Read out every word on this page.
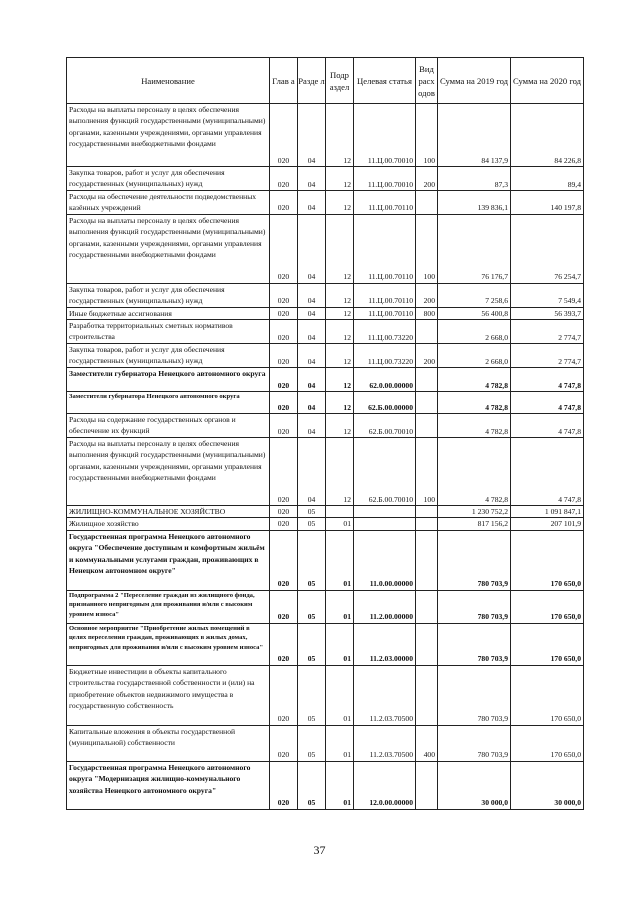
Наименование	Глав а	Разде л	Подр аздел	Целевая статья	Вид расх одов	Сумма на 2019 год	Сумма на 2020 год
Расходы на выплаты персоналу в целях обеспечения выполнения функций государственными (муниципальными) органами, казенными учреждениями, органами управления государственными внебюджетными фондами	020	04	12	11.Ц.00.70010	100	84 137,9	84 226,8
Закупка товаров, работ и услуг для обеспечения государственных (муниципальных) нужд	020	04	12	11.Ц.00.70010	200	87,3	89,4
Расходы на обеспечение деятельности подведомственных казённых учреждений	020	04	12	11.Ц.00.70110		139 836,1	140 197,8
Расходы на выплаты персоналу в целях обеспечения выполнения функций государственными (муниципальными) органами, казенными учреждениями, органами управления государственными внебюджетными фондами	020	04	12	11.Ц.00.70110	100	76 176,7	76 254,7
Закупка товаров, работ и услуг для обеспечения государственных (муниципальных) нужд	020	04	12	11.Ц.00.70110	200	7 258,6	7 549,4
Иные бюджетные ассигнования	020	04	12	11.Ц.00.70110	800	56 400,8	56 393,7
Разработка территориальных сметных нормативов строительства	020	04	12	11.Ц.00.73220		2 668,0	2 774,7
Закупка товаров, работ и услуг для обеспечения государственных (муниципальных) нужд	020	04	12	11.Ц.00.73220	200	2 668,0	2 774,7
Заместители губернатора Ненецкого автономного округа	020	04	12	62.0.00.00000		4 782,8	4 747,8
Заместители губернатора Ненецкого автономного округа	020	04	12	62.Б.00.00000		4 782,8	4 747,8
Расходы на содержание государственных органов и обеспечение их функций	020	04	12	62.Б.00.70010		4 782,8	4 747,8
Расходы на выплаты персоналу в целях обеспечения выполнения функций государственными (муниципальными) органами, казенными учреждениями, органами управления государственными внебюджетными фондами	020	04	12	62.Б.00.70010	100	4 782,8	4 747,8
ЖИЛИЩНО-КОММУНАЛЬНОЕ ХОЗЯЙСТВО	020	05				1 230 752,2	1 091 847,1
Жилищное хозяйство	020	05	01			817 156,2	207 101,9
Государственная программа Ненецкого автономного округа "Обеспечение доступным и комфортным жильём и коммунальными услугами граждан, проживающих в Ненецком автономном округе"	020	05	01	11.0.00.00000		780 703,9	170 650,0
Подпрограмма 2 "Переселение граждан из жилищного фонда, признанного непригодным для проживания и/или с высоким уровнем износа"	020	05	01	11.2.00.00000		780 703,9	170 650,0
Основное мероприятие "Приобретение жилых помещений в целях переселения граждан, проживающих в жилых домах, непригодных для проживания и/или с высоким уровнем износа"	020	05	01	11.2.03.00000		780 703,9	170 650,0
Бюджетные инвестиции в объекты капитального строительства государственной собственности и (или) на приобретение объектов недвижимого имущества в государственную собственность	020	05	01	11.2.03.70500		780 703,9	170 650,0
Капитальные вложения в объекты государственной (муниципальной) собственности	020	05	01	11.2.03.70500	400	780 703,9	170 650,0
Государственная программа Ненецкого автономного округа "Модернизация жилищно-коммунального хозяйства Ненецкого автономного округа"	020	05	01	12.0.00.00000		30 000,0	30 000,0
37
